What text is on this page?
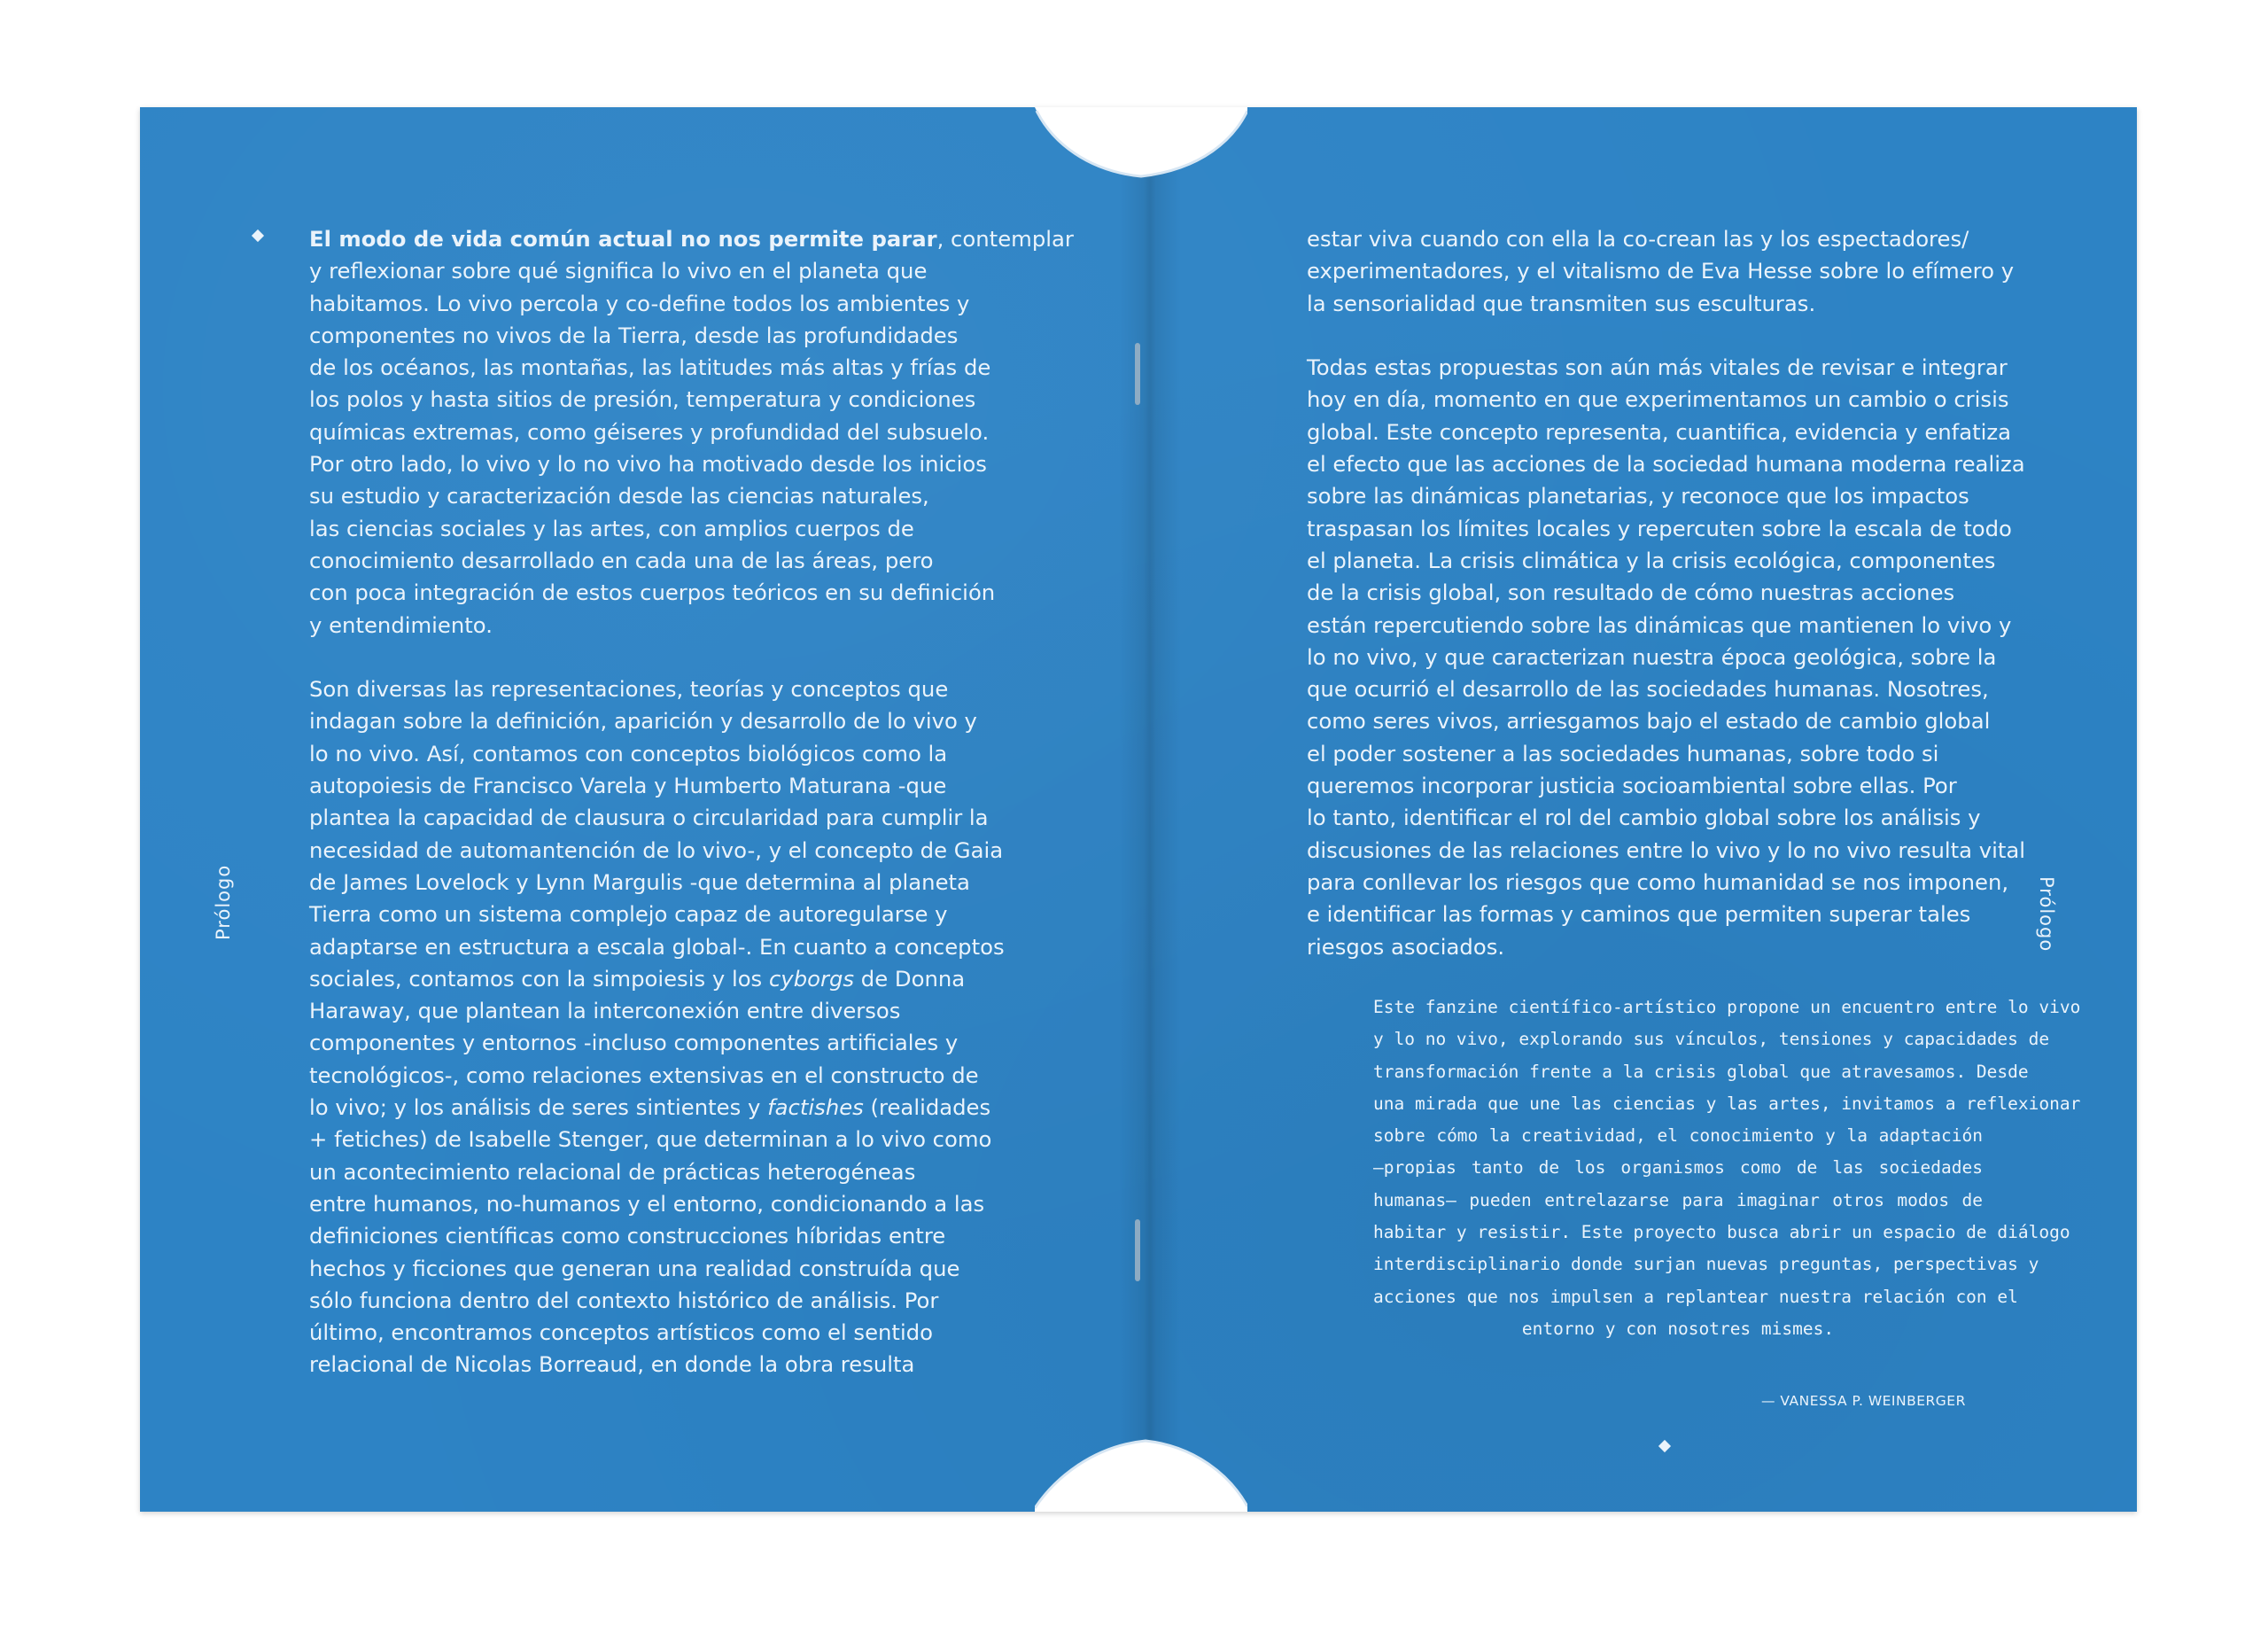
Prólogo	Prólogo

El modo de vida común actual no nos permite parar, contemplar
y reflexionar sobre qué significa lo vivo en el planeta que
habitamos. Lo vivo percola y co-define todos los ambientes y
componentes no vivos de la Tierra, desde las profundidades
de los océanos, las montañas, las latitudes más altas y frías de
los polos y hasta sitios de presión, temperatura y condiciones
químicas extremas, como géiseres y profundidad del subsuelo.
Por otro lado, lo vivo y lo no vivo ha motivado desde los inicios
su estudio y caracterización desde las ciencias naturales,
las ciencias sociales y las artes, con amplios cuerpos de
conocimiento desarrollado en cada una de las áreas, pero
con poca integración de estos cuerpos teóricos en su definición
y entendimiento.

Son diversas las representaciones, teorías y conceptos que
indagan sobre la definición, aparición y desarrollo de lo vivo y
lo no vivo. Así, contamos con conceptos biológicos como la
autopoiesis de Francisco Varela y Humberto Maturana -que
plantea la capacidad de clausura o circularidad para cumplir la
necesidad de automantención de lo vivo-, y el concepto de Gaia
de James Lovelock y Lynn Margulis -que determina al planeta
Tierra como un sistema complejo capaz de autoregularse y
adaptarse en estructura a escala global-. En cuanto a conceptos
sociales, contamos con la simpoiesis y los cyborgs de Donna
Haraway, que plantean la interconexión entre diversos
componentes y entornos -incluso componentes artificiales y
tecnológicos-, como relaciones extensivas en el constructo de
lo vivo; y los análisis de seres sintientes y factishes (realidades
+ fetiches) de Isabelle Stenger, que determinan a lo vivo como
un acontecimiento relacional de prácticas heterogéneas
entre humanos, no-humanos y el entorno, condicionando a las
definiciones científicas como construcciones híbridas entre
hechos y ficciones que generan una realidad construída que
sólo funciona dentro del contexto histórico de análisis. Por
último, encontramos conceptos artísticos como el sentido
relacional de Nicolas Borreaud, en donde la obra resulta

estar viva cuando con ella la co-crean las y los espectadores/
experimentadores, y el vitalismo de Eva Hesse sobre lo efímero y
la sensorialidad que transmiten sus esculturas.

Todas estas propuestas son aún más vitales de revisar e integrar
hoy en día, momento en que experimentamos un cambio o crisis
global. Este concepto representa, cuantifica, evidencia y enfatiza
el efecto que las acciones de la sociedad humana moderna realiza
sobre las dinámicas planetarias, y reconoce que los impactos
traspasan los límites locales y repercuten sobre la escala de todo
el planeta. La crisis climática y la crisis ecológica, componentes
de la crisis global, son resultado de cómo nuestras acciones
están repercutiendo sobre las dinámicas que mantienen lo vivo y
lo no vivo, y que caracterizan nuestra época geológica, sobre la
que ocurrió el desarrollo de las sociedades humanas. Nosotres,
como seres vivos, arriesgamos bajo el estado de cambio global
el poder sostener a las sociedades humanas, sobre todo si
queremos incorporar justicia socioambiental sobre ellas. Por
lo tanto, identificar el rol del cambio global sobre los análisis y
discusiones de las relaciones entre lo vivo y lo no vivo resulta vital
para conllevar los riesgos que como humanidad se nos imponen,
e identificar las formas y caminos que permiten superar tales
riesgos asociados.

Este fanzine científico-artístico propone un encuentro entre lo vivo
y lo no vivo, explorando sus vínculos, tensiones y capacidades de
transformación frente a la crisis global que atravesamos. Desde
una mirada que une las ciencias y las artes, invitamos a reflexionar
sobre cómo la creatividad, el conocimiento y la adaptación
—propias tanto de los organismos como de las sociedades
humanas— pueden entrelazarse para imaginar otros modos de
habitar y resistir. Este proyecto busca abrir un espacio de diálogo
interdisciplinario donde surjan nuevas preguntas, perspectivas y
acciones que nos impulsen a replantear nuestra relación con el
entorno y con nosotres mismes.
— VANESSA P. WEINBERGER
